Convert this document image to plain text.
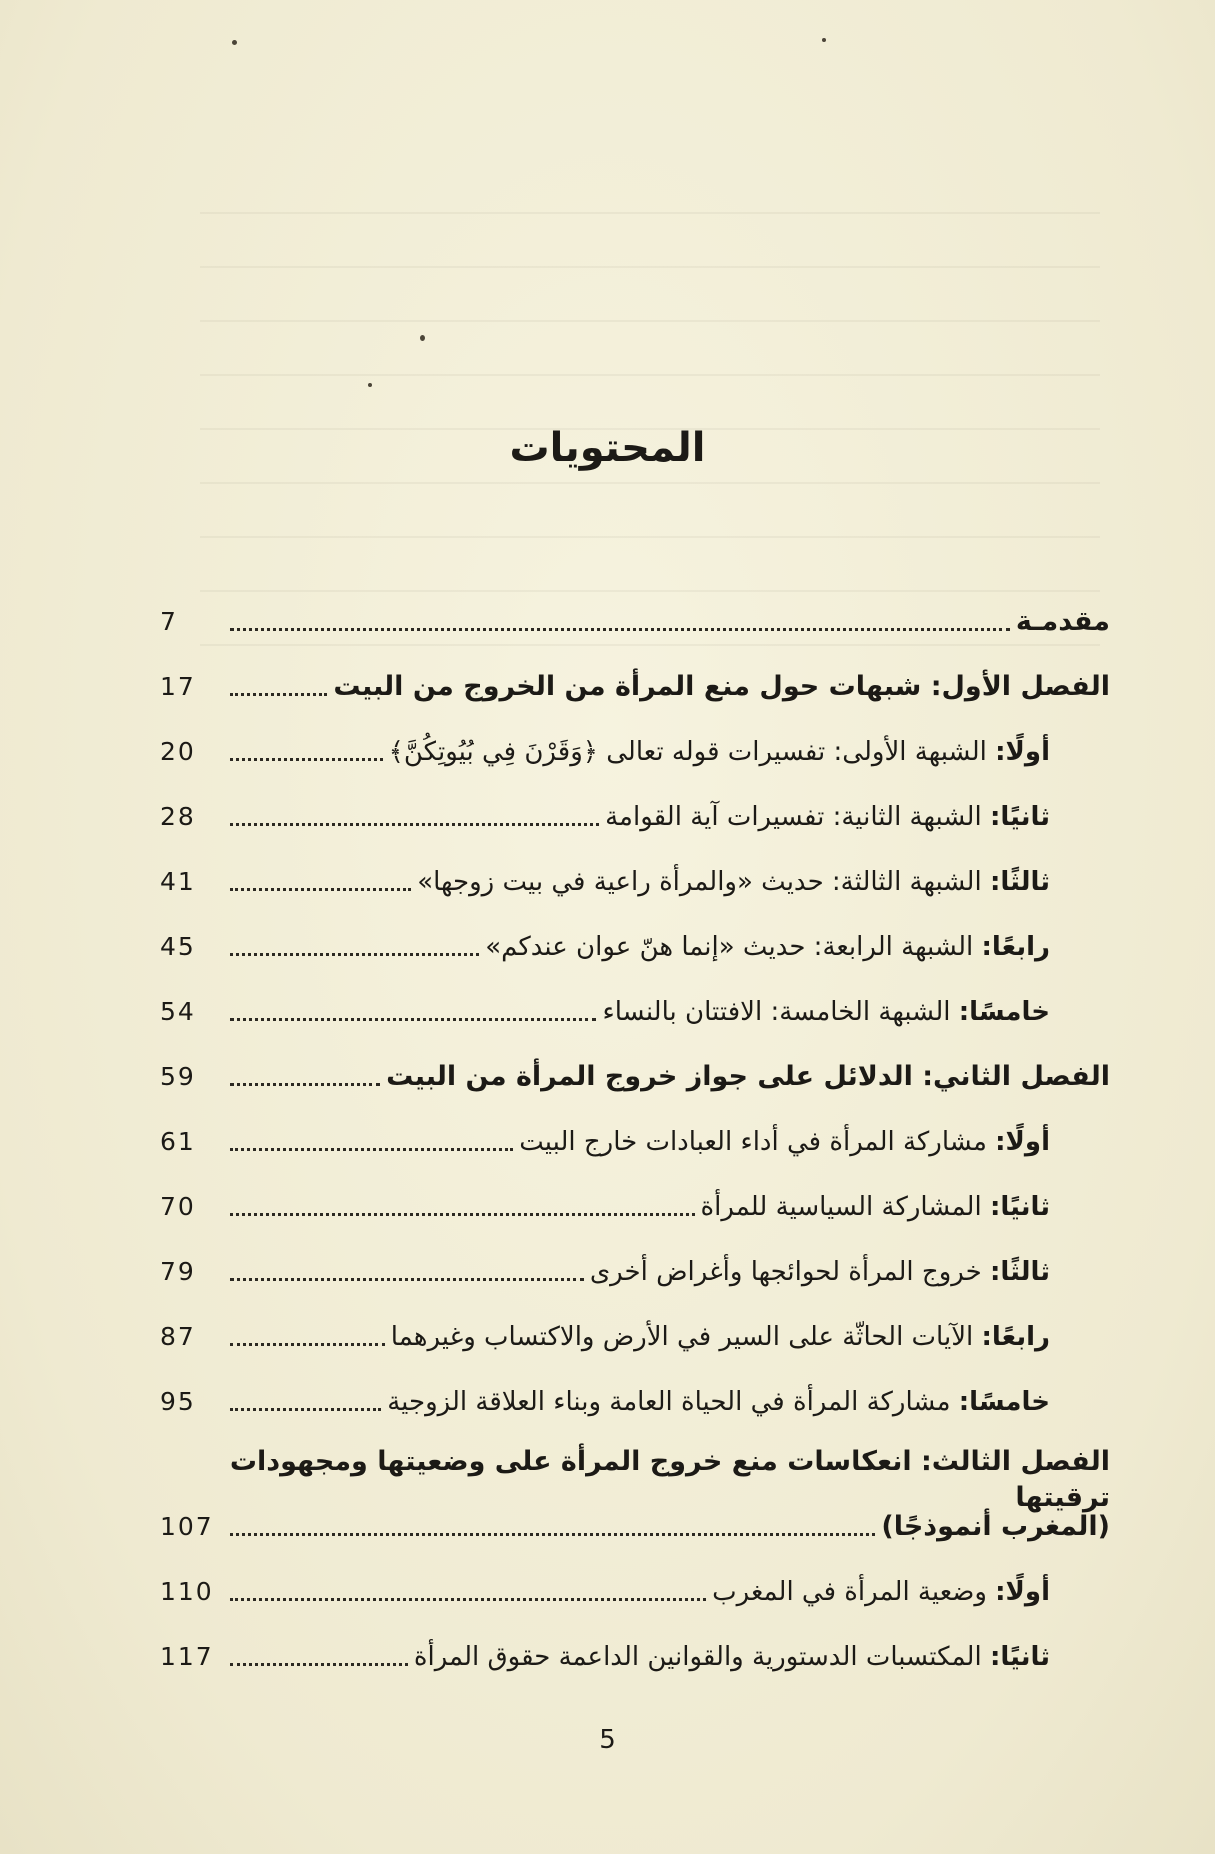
المحتويات
مقدمـة
7
الفصل الأول: شبهات حول منع المرأة من الخروج من البيت
17
أولًا: الشبهة الأولى: تفسيرات قوله تعالى ﴿وَقَرْنَ فِي بُيُوتِكُنَّ﴾
20
ثانيًا: الشبهة الثانية: تفسيرات آية القوامة
28
ثالثًا: الشبهة الثالثة: حديث «والمرأة راعية في بيت زوجها»
41
رابعًا: الشبهة الرابعة: حديث «إنما هنّ عوان عندكم»
45
خامسًا: الشبهة الخامسة: الافتتان بالنساء
54
الفصل الثاني: الدلائل على جواز خروج المرأة من البيت
59
أولًا: مشاركة المرأة في أداء العبادات خارج البيت
61
ثانيًا: المشاركة السياسية للمرأة
70
ثالثًا: خروج المرأة لحوائجها وأغراض أخرى
79
رابعًا: الآيات الحاثّة على السير في الأرض والاكتساب وغيرهما
87
خامسًا: مشاركة المرأة في الحياة العامة وبناء العلاقة الزوجية
95
الفصل الثالث: انعكاسات منع خروج المرأة على وضعيتها ومجهودات ترقيتها
(المغرب أنموذجًا)
107
أولًا: وضعية المرأة في المغرب
110
ثانيًا: المكتسبات الدستورية والقوانين الداعمة حقوق المرأة
117
5
